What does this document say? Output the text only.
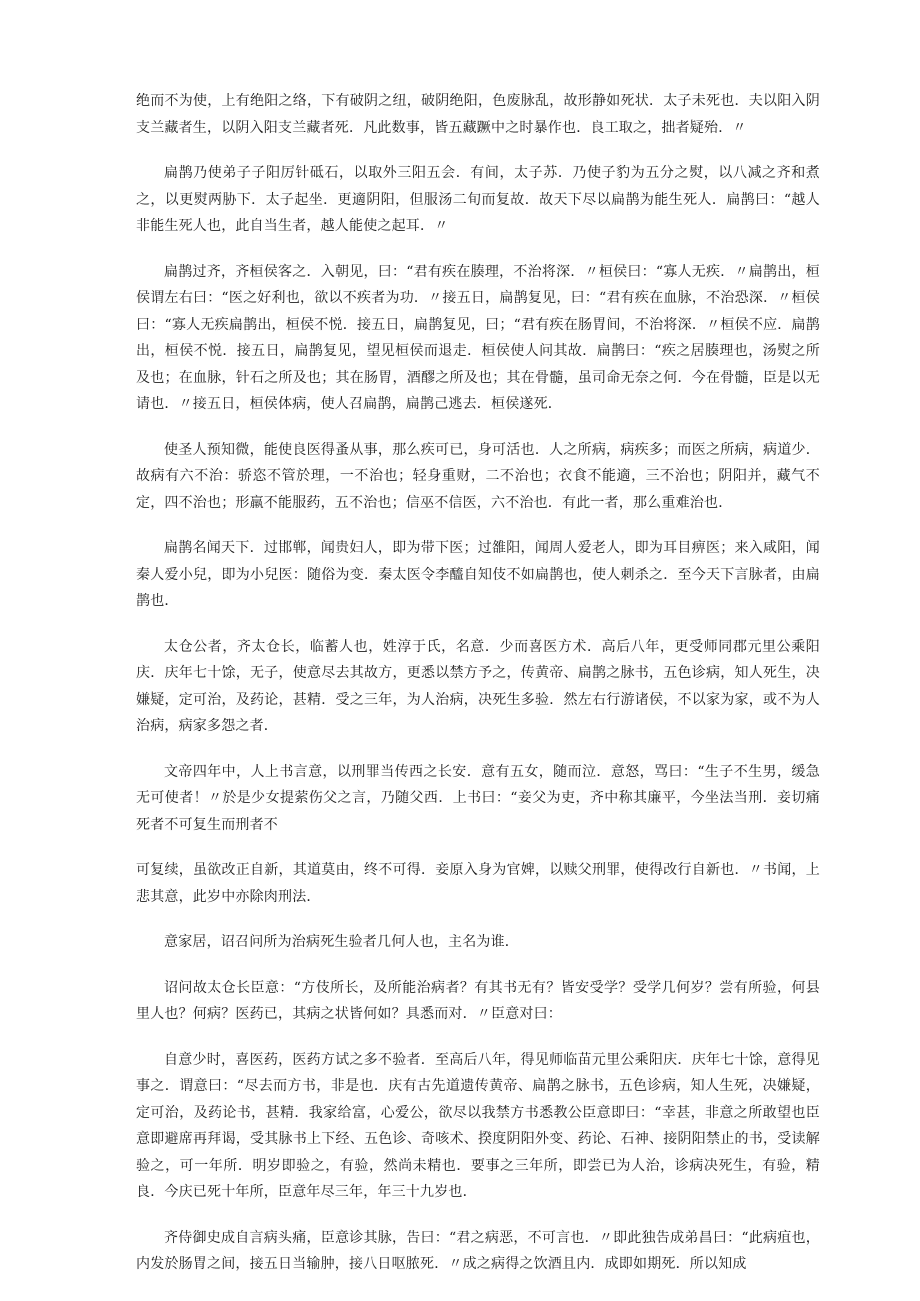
绝而不为使，上有绝阳之络，下有破阴之纽，破阴绝阳，色废脉乱，故形静如死状．太子未死也．夫以阳入阴支兰藏者生，以阴入阳支兰藏者死．凡此数事，皆五藏蹶中之时暴作也．良工取之，拙者疑殆．〃

扁鹊乃使弟子子阳厉针砥石，以取外三阳五会．有间，太子苏．乃使子豹为五分之熨，以八减之齐和煮之，以更熨两胁下．太子起坐．更適阴阳，但服汤二旬而复故．故天下尽以扁鹊为能生死人．扁鹊曰：“越人非能生死人也，此自当生者，越人能使之起耳．〃

扁鹊过齐，齐桓侯客之．入朝见，曰：“君有疾在腠理，不治将深．〃桓侯曰：“寡人无疾．〃扁鹊出，桓侯谓左右曰：“医之好利也，欲以不疾者为功．〃接五日，扁鹊复见，曰：“君有疾在血脉，不治恐深．〃桓侯曰：“寡人无疾扁鹊出，桓侯不悦．接五日，扁鹊复见，曰；“君有疾在肠胃间，不治将深．〃桓侯不应．扁鹊出，桓侯不悦．接五日，扁鹊复见，望见桓侯而退走．桓侯使人问其故．扁鹊曰：“疾之居腠理也，汤熨之所及也；在血脉，针石之所及也；其在肠胃，酒醪之所及也；其在骨髓，虽司命无奈之何．今在骨髓，臣是以无请也．〃接五日，桓侯体病，使人召扁鹊，扁鹊己逃去．桓侯遂死．

使圣人预知微，能使良医得蚤从事，那么疾可已，身可活也．人之所病，病疾多；而医之所病，病道少．故病有六不治：骄恣不管於理，一不治也；轻身重财，二不治也；衣食不能適，三不治也；阴阳并，藏气不定，四不治也；形羸不能服药，五不治也；信巫不信医，六不治也．有此一者，那么重难治也．

扁鹊名闻天下．过邯郸，闻贵妇人，即为带下医；过雒阳，闻周人爱老人，即为耳目痹医；来入咸阳，闻秦人爱小兒，即为小兒医：随俗为变．秦太医令李醯自知伎不如扁鹊也，使人刺杀之．至今天下言脉者，由扁鹊也．

太仓公者，齐太仓长，临蓄人也，姓淳于氏，名意．少而喜医方术．高后八年，更受师同郡元里公乘阳庆．庆年七十馀，无子，使意尽去其故方，更悉以禁方予之，传黄帝、扁鹊之脉书，五色诊病，知人死生，决嫌疑，定可治，及药论，甚精．受之三年，为人治病，决死生多验．然左右行游诸侯，不以家为家，或不为人治病，病家多怨之者．

文帝四年中，人上书言意，以刑罪当传西之长安．意有五女，随而泣．意怒，骂曰：“生子不生男，缓急无可使者！〃於是少女提萦伤父之言，乃随父西．上书曰：“妾父为吏，齐中称其廉平，今坐法当刑．妾切痛死者不可复生而刑者不

可复续，虽欲改正自新，其道莫由，终不可得．妾原入身为官婢，以赎父刑罪，使得改行自新也．〃书闻，上悲其意，此岁中亦除肉刑法．

意家居，诏召问所为治病死生验者几何人也，主名为谁．

诏问故太仓长臣意：“方伎所长，及所能治病者？有其书无有？皆安受学？受学几何岁？尝有所验，何县里人也？何病？医药已，其病之状皆何如？具悉而对．〃臣意对曰：

自意少时，喜医药，医药方试之多不验者．至高后八年，得见师临苗元里公乘阳庆．庆年七十馀，意得见事之．谓意曰：“尽去而方书，非是也．庆有古先道遗传黄帝、扁鹊之脉书，五色诊病，知人生死，决嫌疑，定可治，及药论书，甚精．我家给富，心爱公，欲尽以我禁方书悉教公臣意即曰：“幸甚，非意之所敢望也臣意即避席再拜谒，受其脉书上下经、五色诊、奇咳术、揆度阴阳外变、药论、石神、接阴阳禁止的书，受读解验之，可一年所．明岁即验之，有验，然尚未精也．要事之三年所，即尝已为人治，诊病决死生，有验，精良．今庆已死十年所，臣意年尽三年，年三十九岁也．

齐侍御史成自言病头痛，臣意诊其脉，告曰：“君之病恶，不可言也．〃即此独告成弟昌曰：“此病疽也，内发於肠胃之间，接五日当输肿，接八日呕脓死．〃成之病得之饮酒且内．成即如期死．所以知成
